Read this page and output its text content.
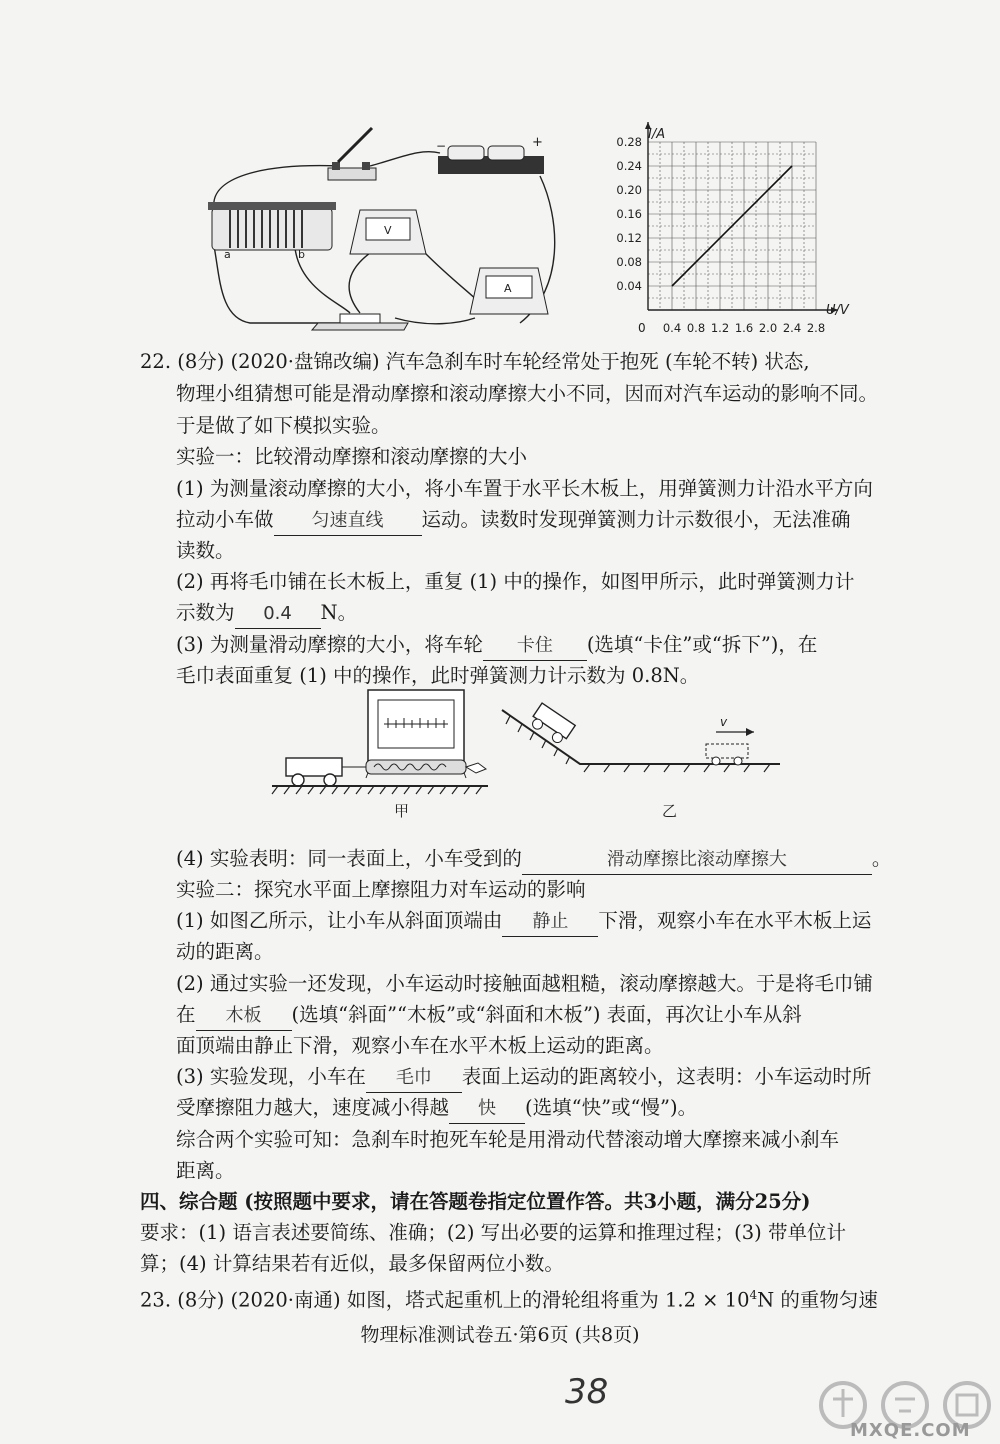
−	+
a	b
V
A
0.4 0.8 1.2 1.6 2.0 2.4 2.8
0.04
0.08
0.12
0.16
0.20
0.24
0.28 I/A
U/V
0
22. (8分) (2020·盘锦改编) 汽车急刹车时车轮经常处于抱死 (车轮不转) 状态,
物理小组猜想可能是滑动摩擦和滚动摩擦大小不同，因而对汽车运动的影响不同。
于是做了如下模拟实验。
实验一：比较滑动摩擦和滚动摩擦的大小
(1) 为测量滚动摩擦的大小，将小车置于水平长木板上，用弹簧测力计沿水平方向
拉动小车做 匀速直线 运动。读数时发现弹簧测力计示数很小，无法准确
读数。
(2) 再将毛巾铺在长木板上，重复 (1) 中的操作，如图甲所示，此时弹簧测力计
示数为 0.4 N。
(3) 为测量滑动摩擦的大小，将车轮 卡住 (选填“卡住”或“拆下”)，在
毛巾表面重复 (1) 中的操作，此时弹簧测力计示数为 0.8N。
(4) 实验表明：同一表面上，小车受到的	滑动摩擦比滚动摩擦大	。
实验二：探究水平面上摩擦阻力对车运动的影响
(1) 如图乙所示，让小车从斜面顶端由 静止 下滑，观察小车在水平木板上运
动的距离。
(2) 通过实验一还发现，小车运动时接触面越粗糙，滚动摩擦越大。于是将毛巾铺
在 木板 (选填“斜面”“木板”或“斜面和木板”) 表面，再次让小车从斜
面顶端由静止下滑，观察小车在水平木板上运动的距离。
(3) 实验发现，小车在 毛巾 表面上运动的距离较小，这表明：小车运动时所
受摩擦阻力越大，速度减小得越 快 (选填“快”或“慢”)。
综合两个实验可知：急刹车时抱死车轮是用滑动代替滚动增大摩擦来减小刹车
距离。
四、综合题 (按照题中要求，请在答题卷指定位置作答。共3小题，满分25分)
要求：(1) 语言表述要简练、准确；(2) 写出必要的运算和推理过程；(3) 带单位计
算；(4) 计算结果若有近似，最多保留两位小数。
23. (8分) (2020·南通) 如图，塔式起重机上的滑轮组将重为 $1.2 \times 10^4N$ 的重物匀速
甲
v
乙
物理标准测试卷五·第6页 (共8页)
38
MXQE.COM
